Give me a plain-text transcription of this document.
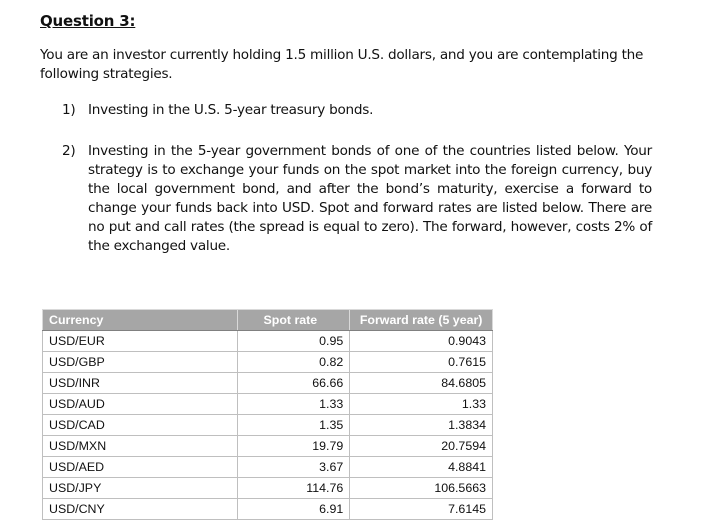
Question 3:
You are an investor currently holding 1.5 million U.S. dollars, and you are contemplating the following strategies.
1) Investing in the U.S. 5-year treasury bonds.
2) Investing in the 5-year government bonds of one of the countries listed below. Your strategy is to exchange your funds on the spot market into the foreign currency, buy the local government bond, and after the bond’s maturity, exercise a forward to change your funds back into USD. Spot and forward rates are listed below. There are no put and call rates (the spread is equal to zero). The forward, however, costs 2% of the exchanged value.
Currency	Spot rate	Forward rate (5 year)
USD/EUR	0.95	0.9043
USD/GBP	0.82	0.7615
USD/INR	66.66	84.6805
USD/AUD	1.33	1.33
USD/CAD	1.35	1.3834
USD/MXN	19.79	20.7594
USD/AED	3.67	4.8841
USD/JPY	114.76	106.5663
USD/CNY	6.91	7.6145
